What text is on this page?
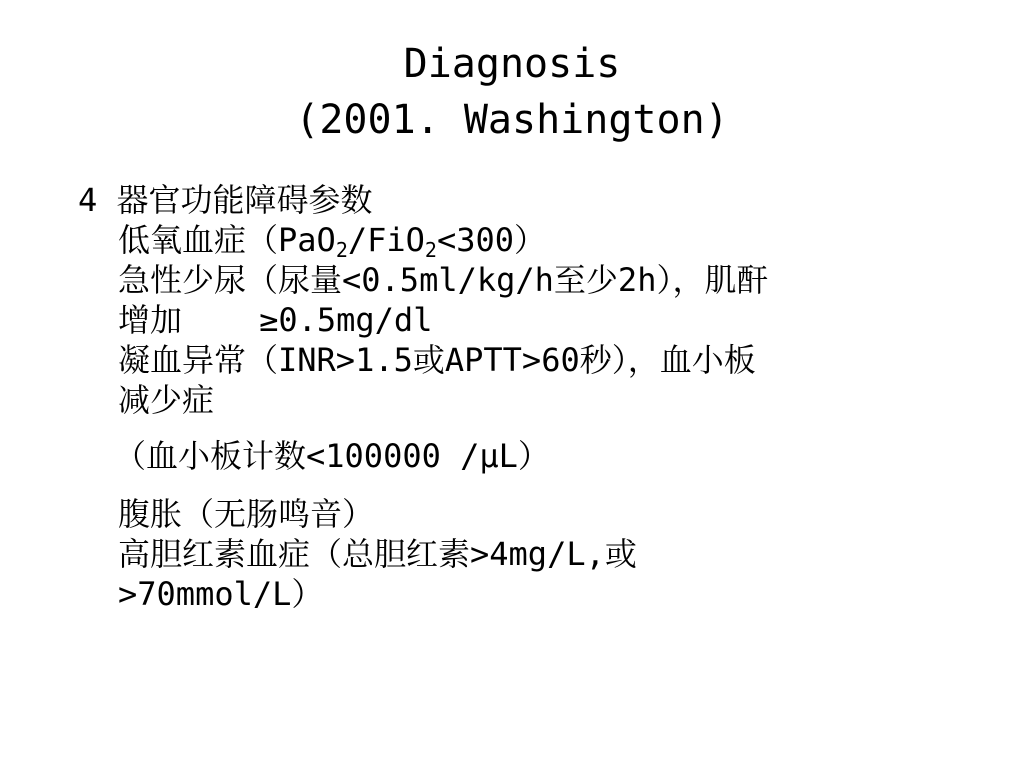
Diagnosis
(2001. Washington)
4 器官功能障碍参数
低氧血症（PaO$_2$/FiO$_2$<300）
急性少尿（尿量<0.5ml/kg/h至少2h），肌酐
增加    ≥0.5mg/dl
凝血异常（INR>1.5或APTT>60秒），血小板
减少症
（血小板计数<100000 /μL）
腹胀（无肠鸣音）
高胆红素血症（总胆红素>4mg/L,或
>70mmol/L）
